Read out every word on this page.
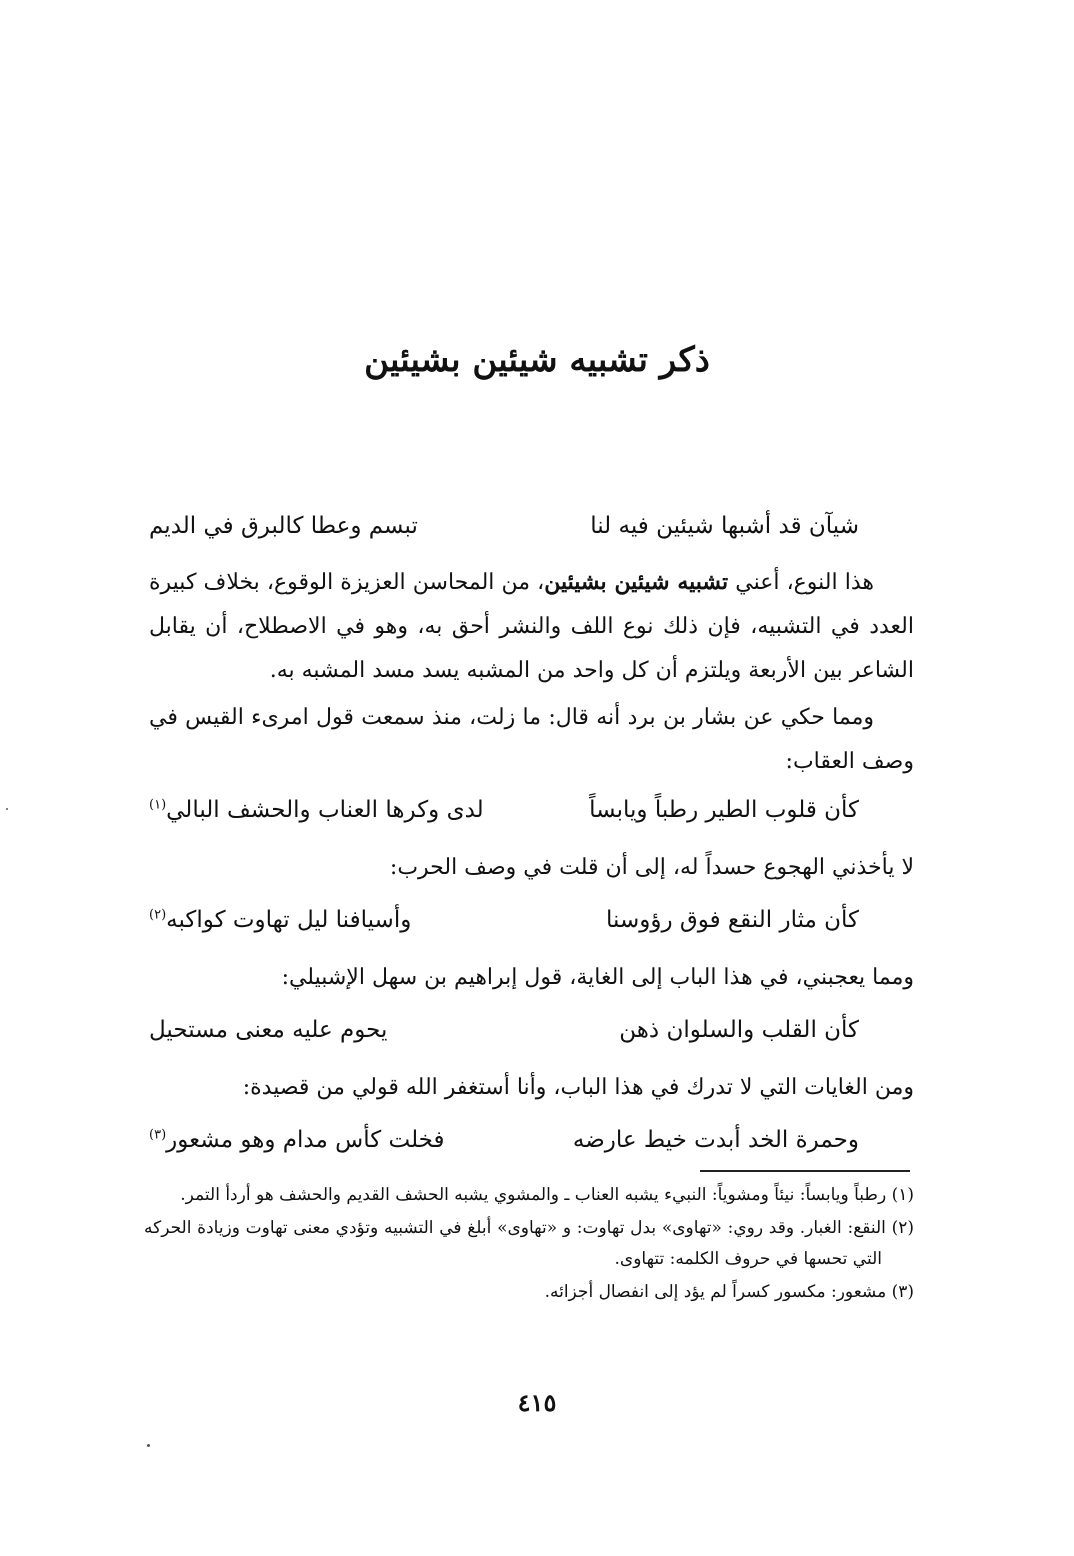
ذكر تشبيه شيئين بشيئين
شيآن قد أشبها شيئين فيه لنا
تبسم وعطا كالبرق في الديم

هذا النوع، أعني تشبيه شيئين بشيئين، من المحاسن العزيزة الوقوع، بخلاف كبيرة العدد في التشبيه، فإن ذلك نوع اللف والنشر أحق به، وهو في الاصطلاح، أن يقابل الشاعر بين الأربعة ويلتزم أن كل واحد من المشبه يسد مسد المشبه به.

ومما حكي عن بشار بن برد أنه قال: ما زلت، منذ سمعت قول امرىء القيس في وصف العقاب:

كأن قلوب الطير رطباً ويابساً
لدى وكرها العناب والحشف البالي$^{(١)}$

لا يأخذني الهجوع حسداً له، إلى أن قلت في وصف الحرب:

كأن مثار النقع فوق رؤوسنا
وأسيافنا ليل تهاوت كواكبه$^{(٢)}$

ومما يعجبني، في هذا الباب إلى الغاية، قول إبراهيم بن سهل الإشبيلي:

كأن القلب والسلوان ذهن
يحوم عليه معنى مستحيل

ومن الغايات التي لا تدرك في هذا الباب، وأنا أستغفر الله قولي من قصيدة:

وحمرة الخد أبدت خيط عارضه
فخلت كأس مدام وهو مشعور$^{(٣)}$

(١) رطباً ويابساً: نيئاً ومشوياً: النبيء يشبه العناب ـ والمشوي يشبه الحشف القديم والحشف هو أردأ التمر.

(٢) النقع: الغبار. وقد روي: «تهاوى» بدل تهاوت: و «تهاوى» أبلغ في التشبيه وتؤدي معنى تهاوت وزيادة الحركه التي تحسها في حروف الكلمه: تتهاوى.

(٣) مشعور: مكسور كسراً لم يؤد إلى انفصال أجزائه.

٤١٥
